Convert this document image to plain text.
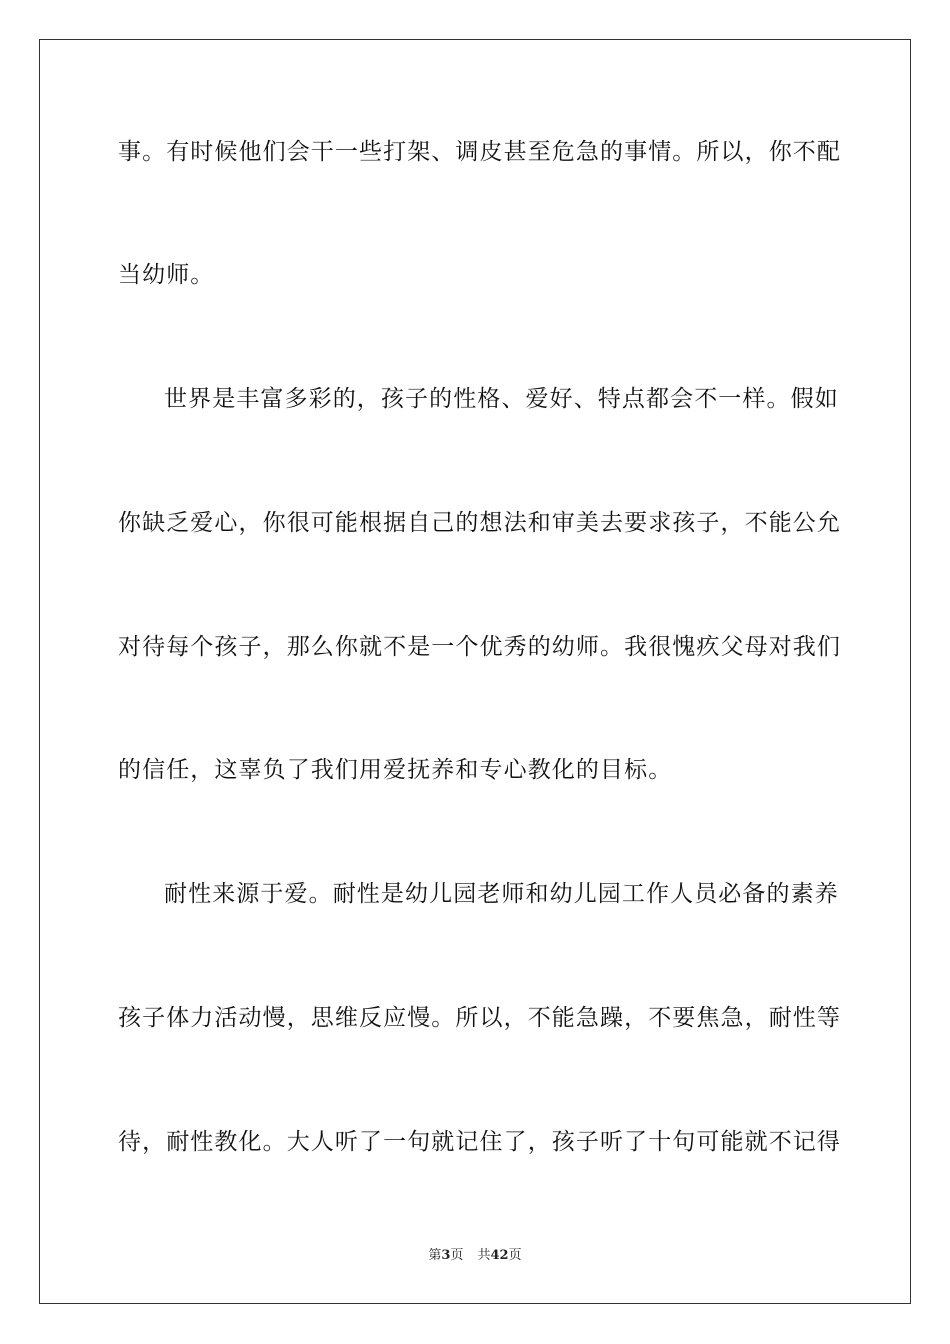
事。有时候他们会干一些打架、调皮甚至危急的事情。所以，你不配
当幼师。
世界是丰富多彩的，孩子的性格、爱好、特点都会不一样。假如
你缺乏爱心，你很可能根据自己的想法和审美去要求孩子，不能公允
对待每个孩子，那么你就不是一个优秀的幼师。我很愧疚父母对我们
的信任，这辜负了我们用爱抚养和专心教化的目标。
耐性来源于爱。耐性是幼儿园老师和幼儿园工作人员必备的素养
孩子体力活动慢，思维反应慢。所以，不能急躁，不要焦急，耐性等
待，耐性教化。大人听了一句就记住了，孩子听了十句可能就不记得
第3页 共42页
